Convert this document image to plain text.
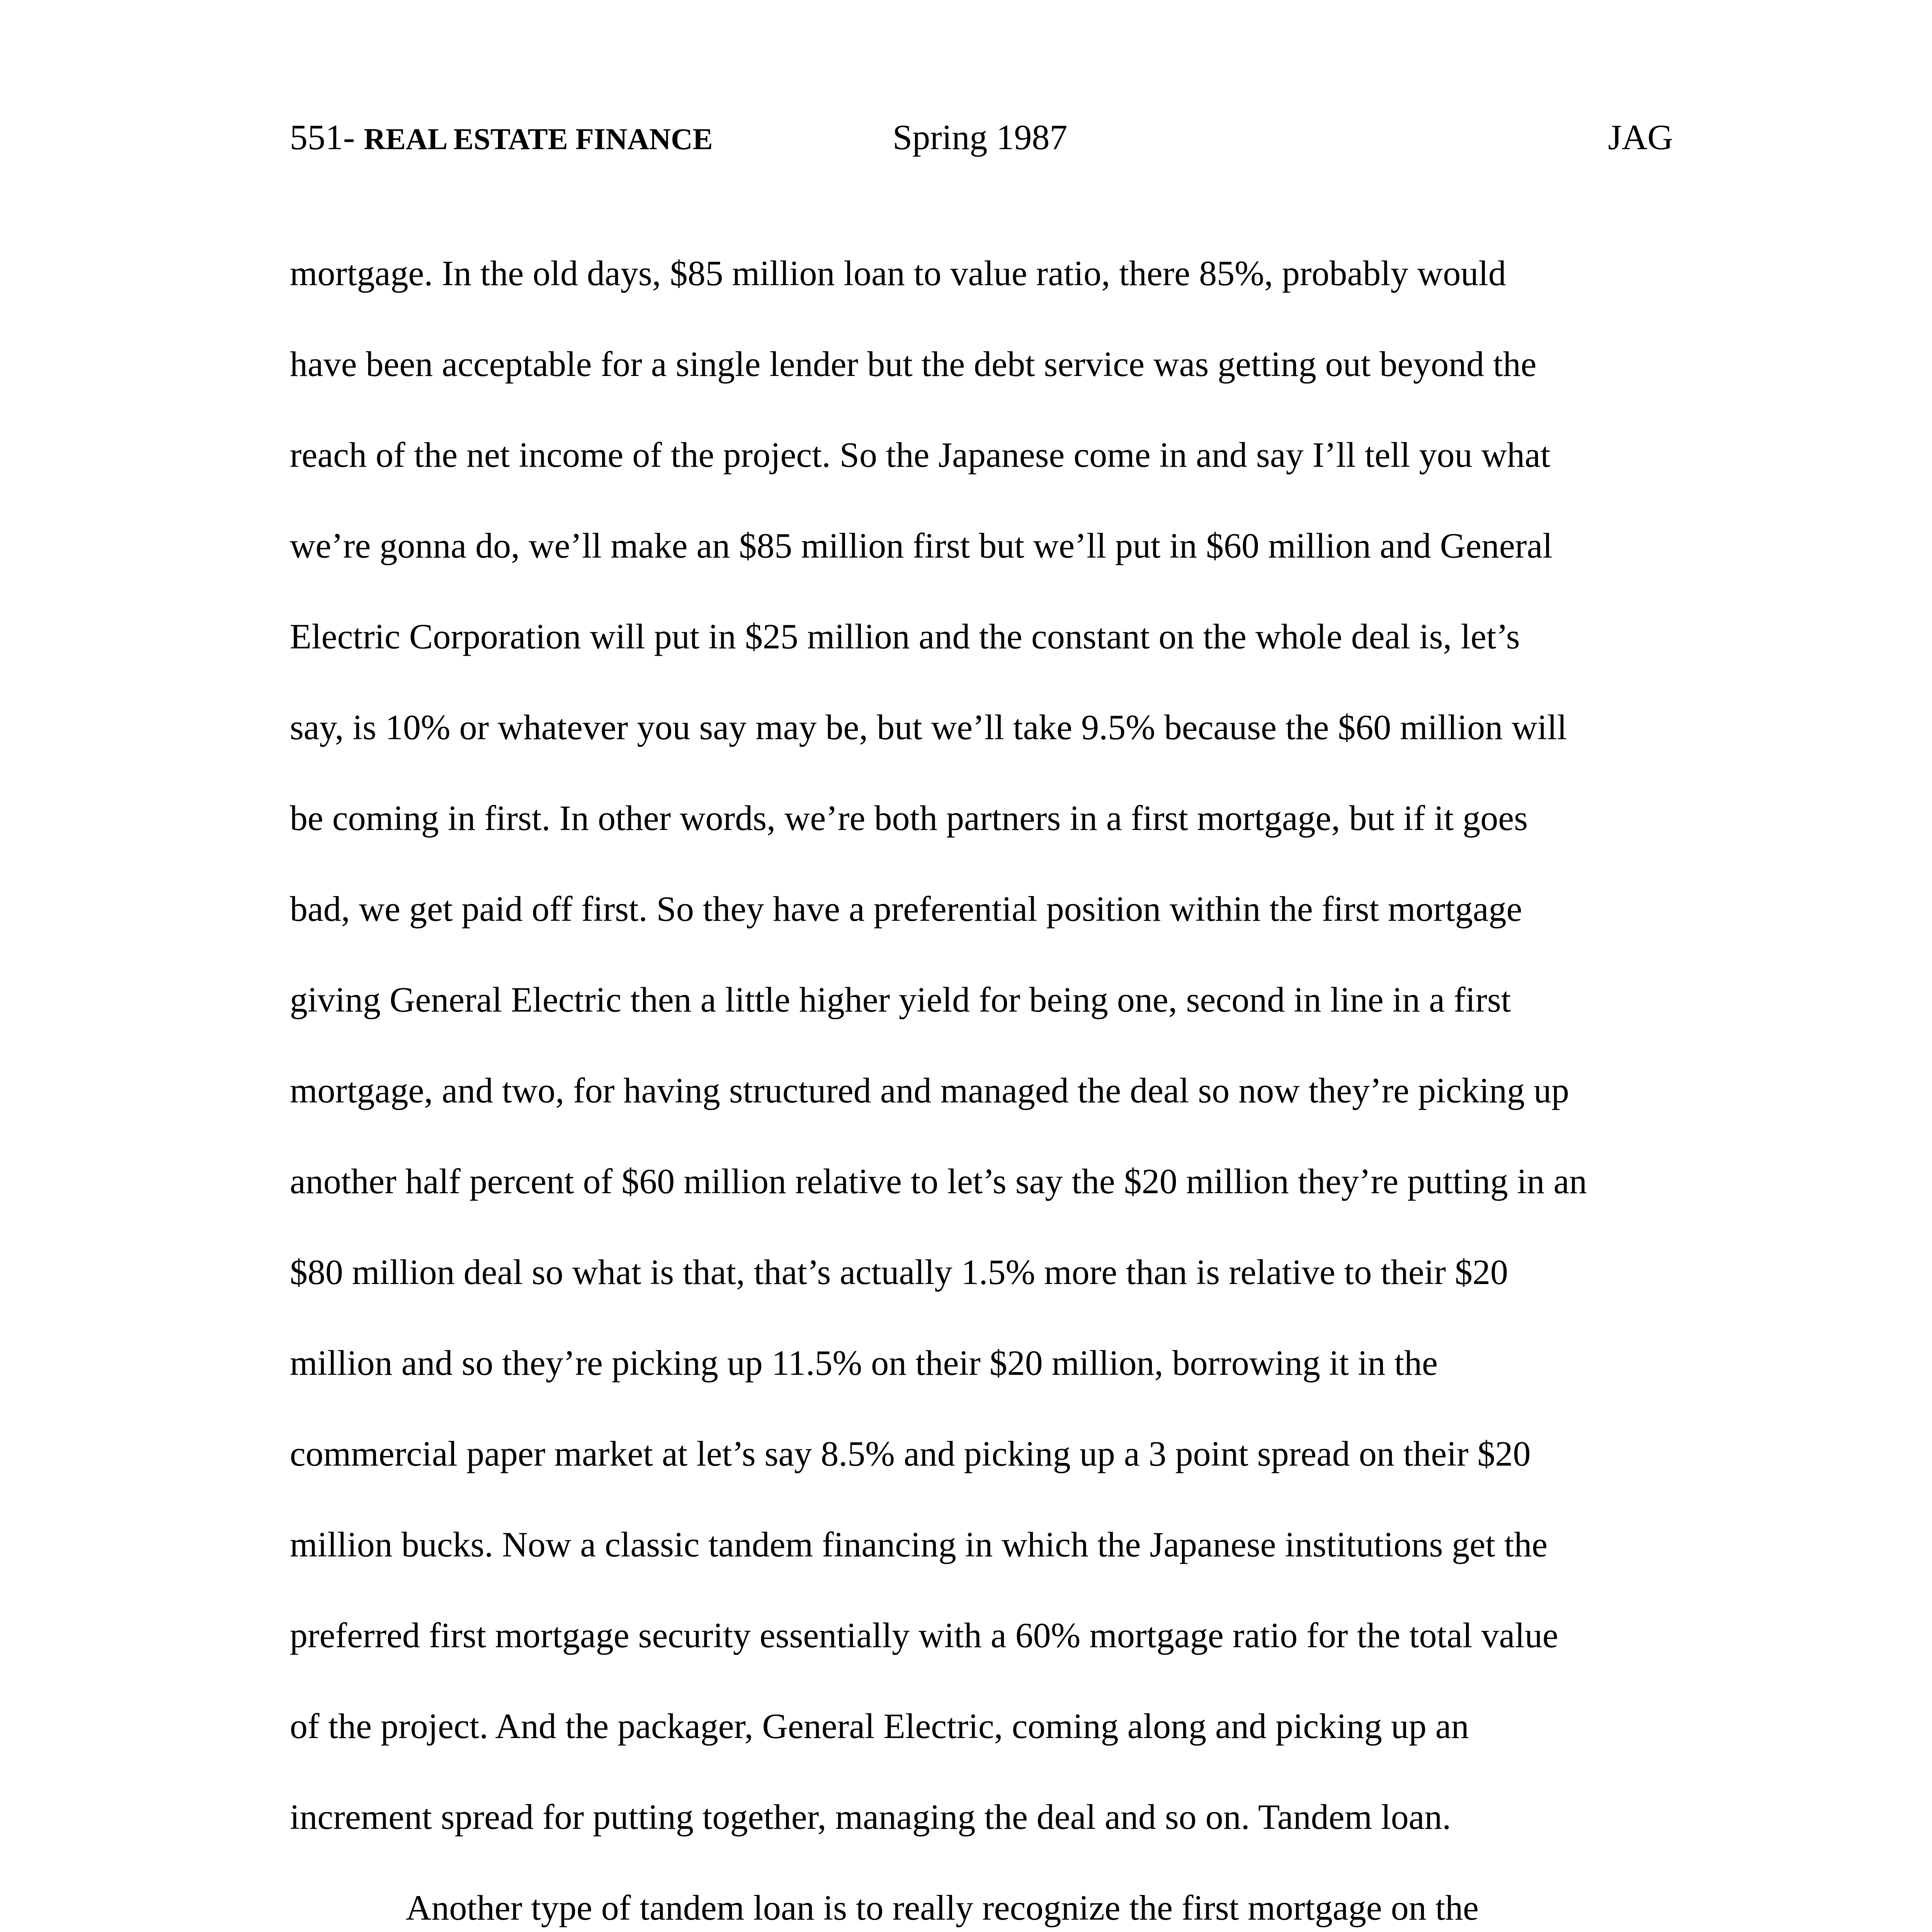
551- REAL ESTATE FINANCE	Spring 1987	JAG
mortgage. In the old days, $85 million loan to value ratio, there 85%, probably would
have been acceptable for a single lender but the debt service was getting out beyond the
reach of the net income of the project. So the Japanese come in and say I’ll tell you what
we’re gonna do, we’ll make an $85 million first but we’ll put in $60 million and General
Electric Corporation will put in $25 million and the constant on the whole deal is, let’s
say, is 10% or whatever you say may be, but we’ll take 9.5% because the $60 million will
be coming in first. In other words, we’re both partners in a first mortgage, but if it goes
bad, we get paid off first. So they have a preferential position within the first mortgage
giving General Electric then a little higher yield for being one, second in line in a first
mortgage, and two, for having structured and managed the deal so now they’re picking up
another half percent of $60 million relative to let’s say the $20 million they’re putting in an
$80 million deal so what is that, that’s actually 1.5% more than is relative to their $20
million and so they’re picking up 11.5% on their $20 million, borrowing it in the
commercial paper market at let’s say 8.5% and picking up a 3 point spread on their $20
million bucks. Now a classic tandem financing in which the Japanese institutions get the
preferred first mortgage security essentially with a 60% mortgage ratio for the total value
of the project. And the packager, General Electric, coming along and picking up an
increment spread for putting together, managing the deal and so on. Tandem loan.
Another type of tandem loan is to really recognize the first mortgage on the
